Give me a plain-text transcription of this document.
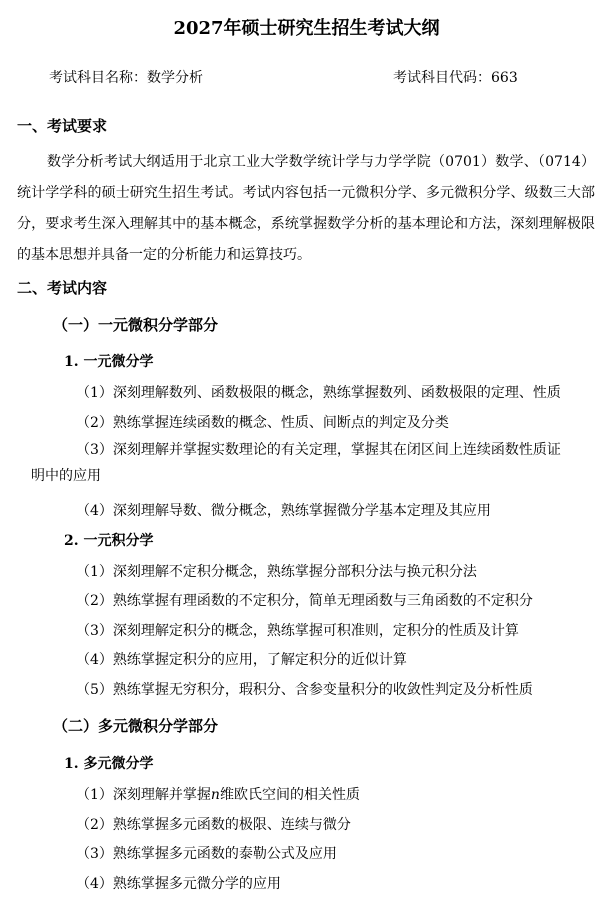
2027年硕士研究生招生考试大纲
考试科目名称：数学分析	考试科目代码：663
一、考试要求

数学分析考试大纲适用于北京工业大学数学统计学与力学学院（0701）数学、（0714）统计学学科的硕士研究生招生考试。考试内容包括一元微积分学、多元微积分学、级数三大部分，要求考生深入理解其中的基本概念，系统掌握数学分析的基本理论和方法，深刻理解极限的基本思想并具备一定的分析能力和运算技巧。

二、考试内容
（一）一元微积分学部分
1. 一元微分学
（1）深刻理解数列、函数极限的概念，熟练掌握数列、函数极限的定理、性质
（2）熟练掌握连续函数的概念、性质、间断点的判定及分类
（3）深刻理解并掌握实数理论的有关定理，掌握其在闭区间上连续函数性质证
明中的应用
（4）深刻理解导数、微分概念，熟练掌握微分学基本定理及其应用
2. 一元积分学
（1）深刻理解不定积分概念，熟练掌握分部积分法与换元积分法
（2）熟练掌握有理函数的不定积分，简单无理函数与三角函数的不定积分
（3）深刻理解定积分的概念，熟练掌握可积准则，定积分的性质及计算
（4）熟练掌握定积分的应用，了解定积分的近似计算
（5）熟练掌握无穷积分，瑕积分、含参变量积分的收敛性判定及分析性质
（二）多元微积分学部分
1. 多元微分学
（1）深刻理解并掌握n维欧氏空间的相关性质
（2）熟练掌握多元函数的极限、连续与微分
（3）熟练掌握多元函数的泰勒公式及应用
（4）熟练掌握多元微分学的应用
